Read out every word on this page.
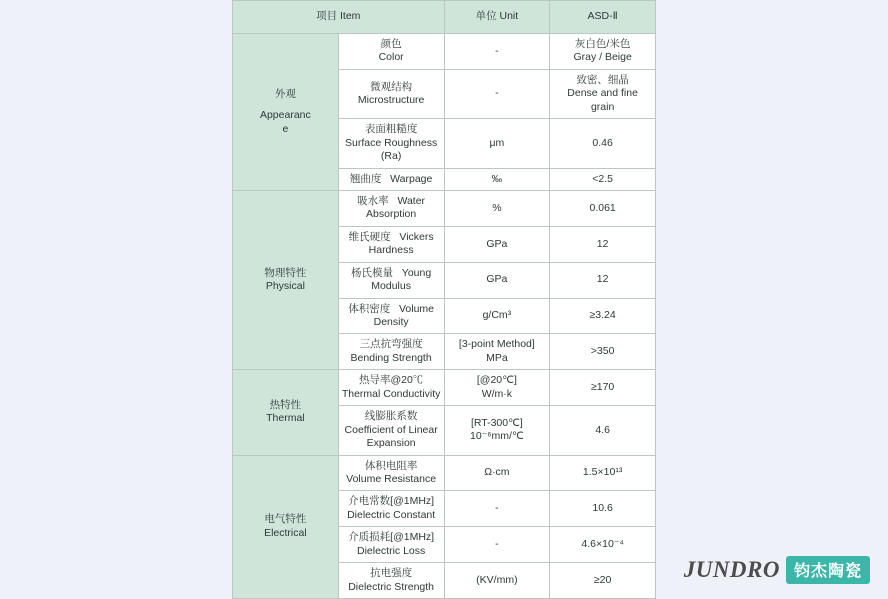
项目 Item		单位 Unit	ASD-Ⅱ

外观
Appearanc
e	颜色
Color	-	灰白色/米色
Gray / Beige

	微观结构
Microstructure	-	致密、细晶
Dense and fine
grain

	表面粗糙度
Surface Roughness (Ra)	μm	0.46
	翘曲度 Warpage	‰	<2.5

物理特性
Physical	吸水率 Water Absorption	%	0.061
	维氏硬度 Vickers Hardness	GPa	12
	杨氏模量 Young Modulus	GPa	12
	体积密度 Volume Density	g/Cm³	≥3.24

	三点抗弯强度
Bending Strength	[3-point Method]
MPa	>350

热特性
Thermal	热导率@20℃
Thermal Conductivity	[@20℃]
W/m·k	≥170

	线膨胀系数
Coefficient of Linear Expansion	[RT-300℃]
10⁻⁶mm/℃	4.6

电气特性
Electrical	体积电阻率
Volume Resistance	Ω·cm	1.5×10¹³

	介电常数[@1MHz]
Dielectric Constant	-	10.6

	介质损耗[@1MHz]
Dielectric Loss	-	4.6×10⁻⁴

	抗电强度
Dielectric Strength	(KV/mm)	≥20	JUNDRO 钧杰陶瓷
